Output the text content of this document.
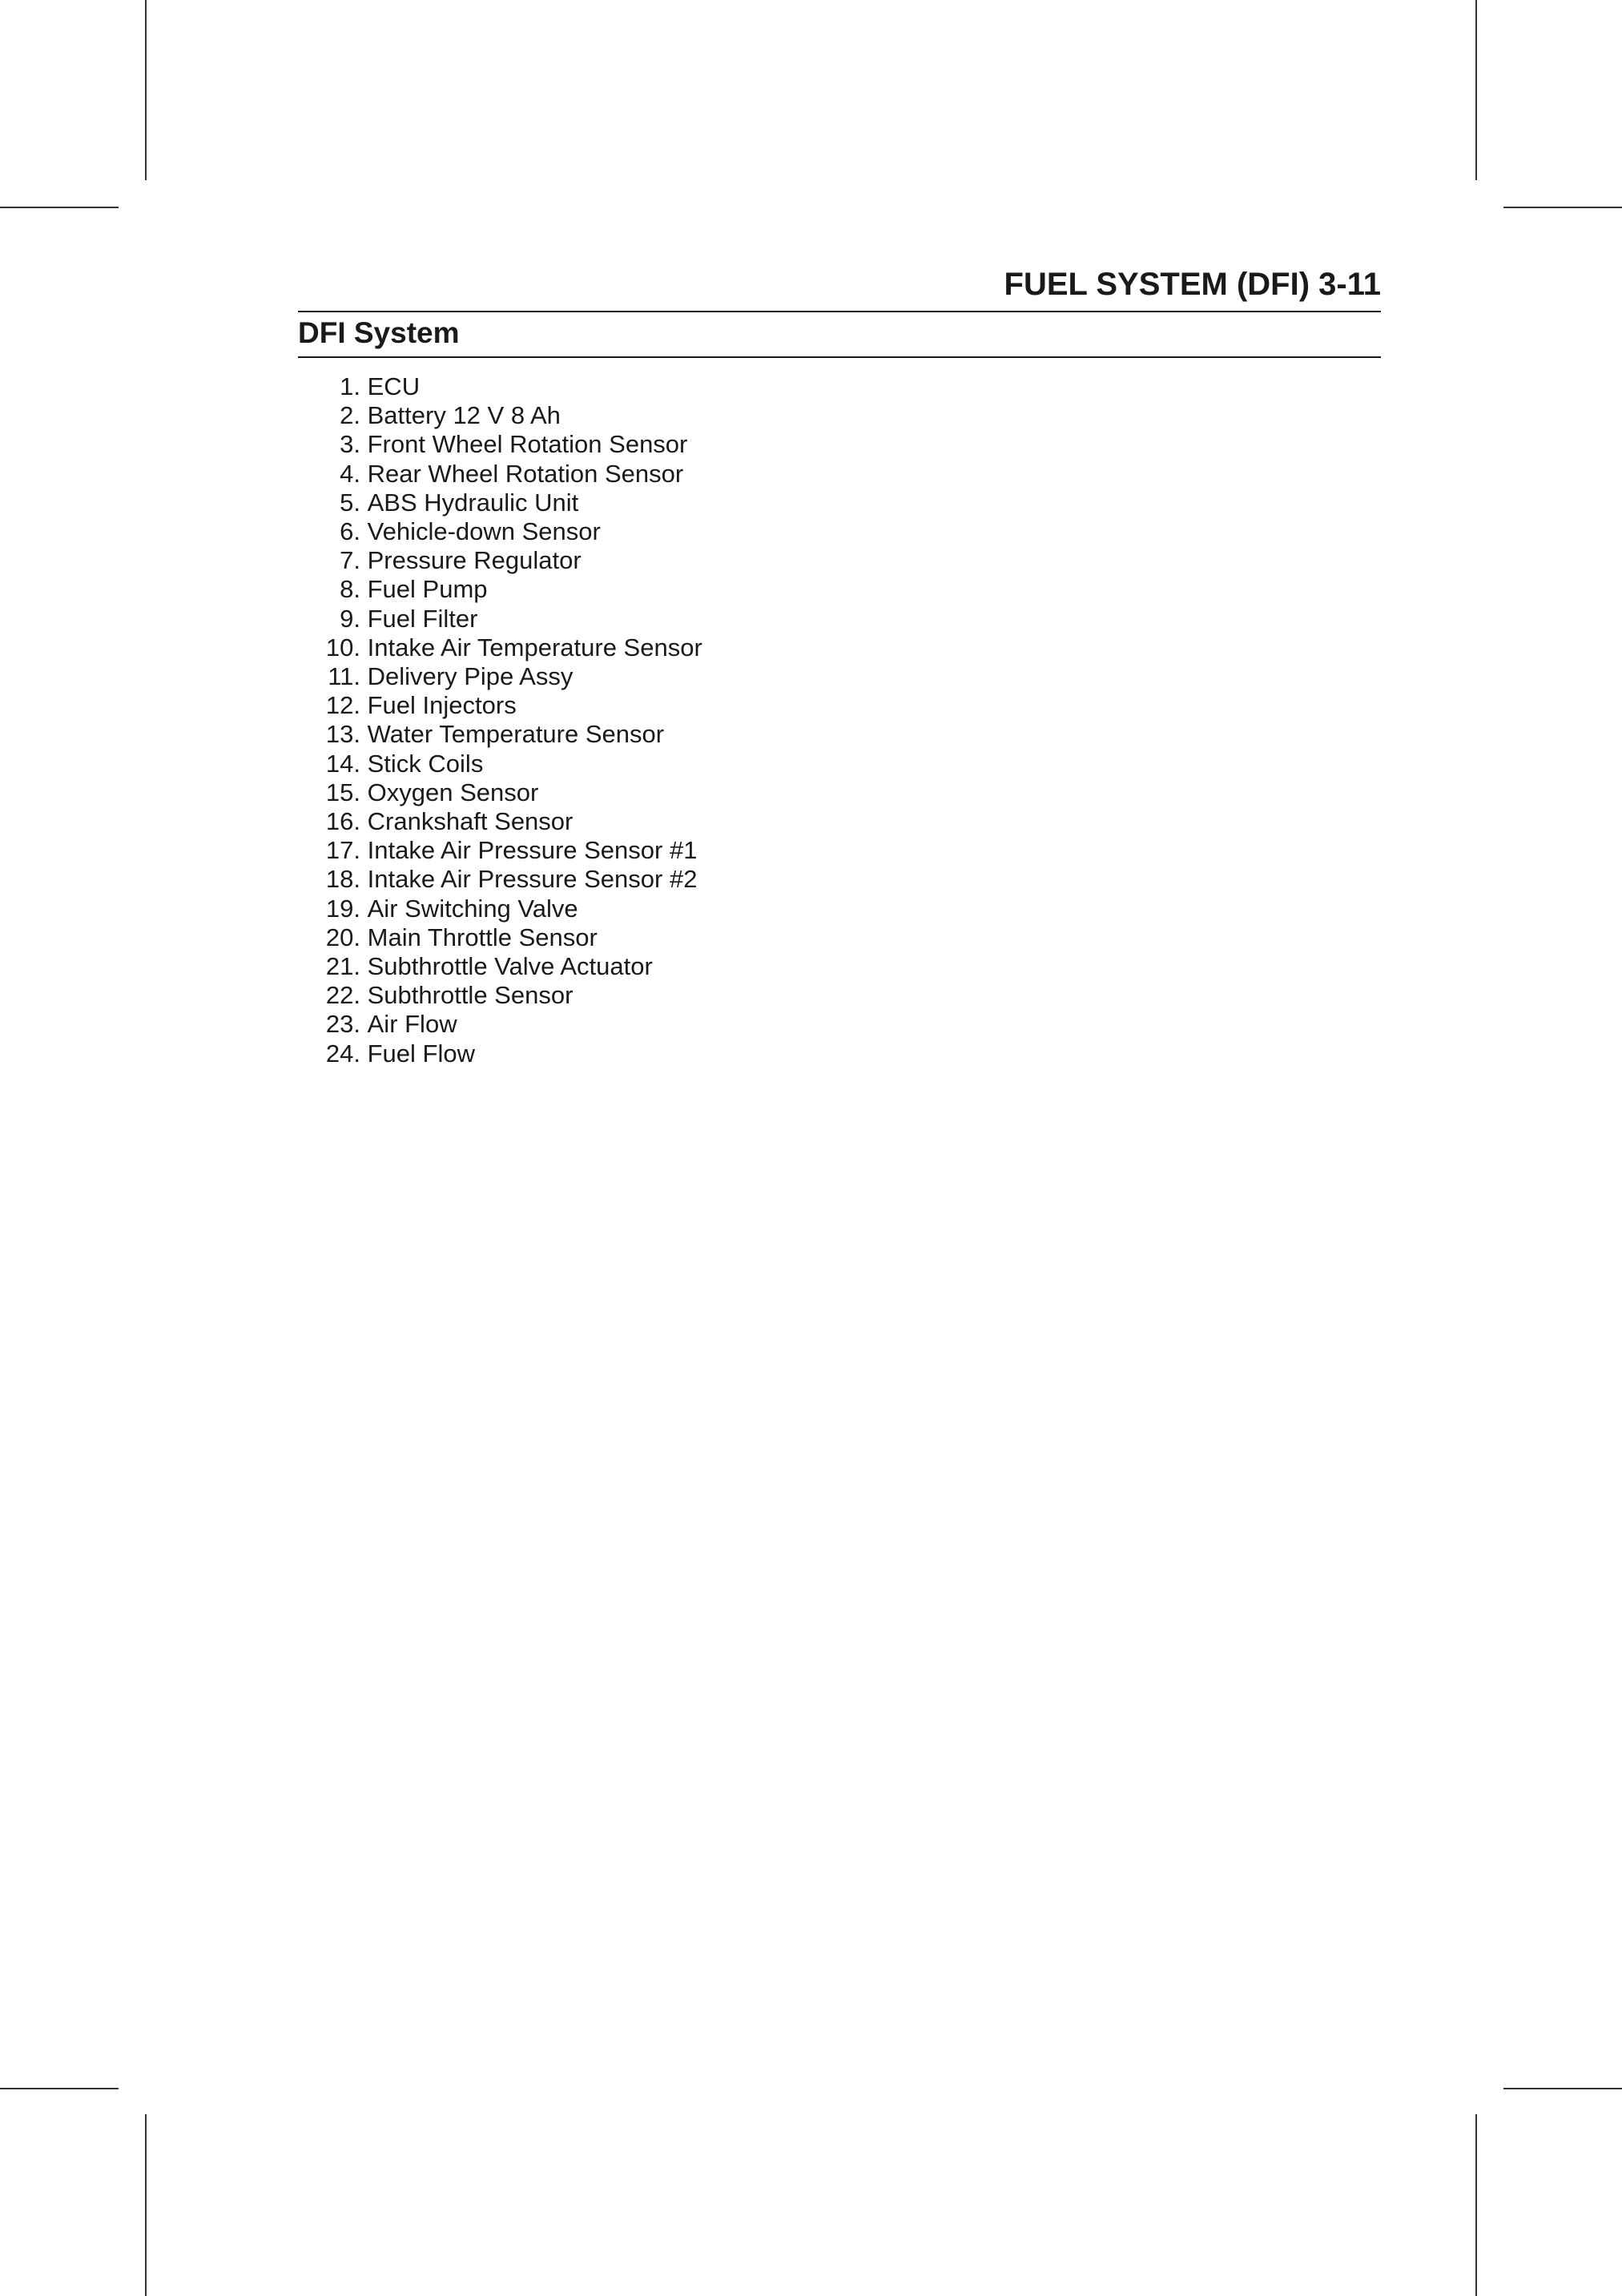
FUEL SYSTEM (DFI) 3-11
DFI System
1.
ECU
2.
Battery 12 V 8 Ah
3.
Front Wheel Rotation Sensor
4.
Rear Wheel Rotation Sensor
5.
ABS Hydraulic Unit
6.
Vehicle-down Sensor
7.
Pressure Regulator
8.
Fuel Pump
9.
Fuel Filter
10.
Intake Air Temperature Sensor
11.
Delivery Pipe Assy
12.
Fuel Injectors
13.
Water Temperature Sensor
14.
Stick Coils
15.
Oxygen Sensor
16.
Crankshaft Sensor
17.
Intake Air Pressure Sensor #1
18.
Intake Air Pressure Sensor #2
19.
Air Switching Valve
20.
Main Throttle Sensor
21.
Subthrottle Valve Actuator
22.
Subthrottle Sensor
23.
Air Flow
24.
Fuel Flow
